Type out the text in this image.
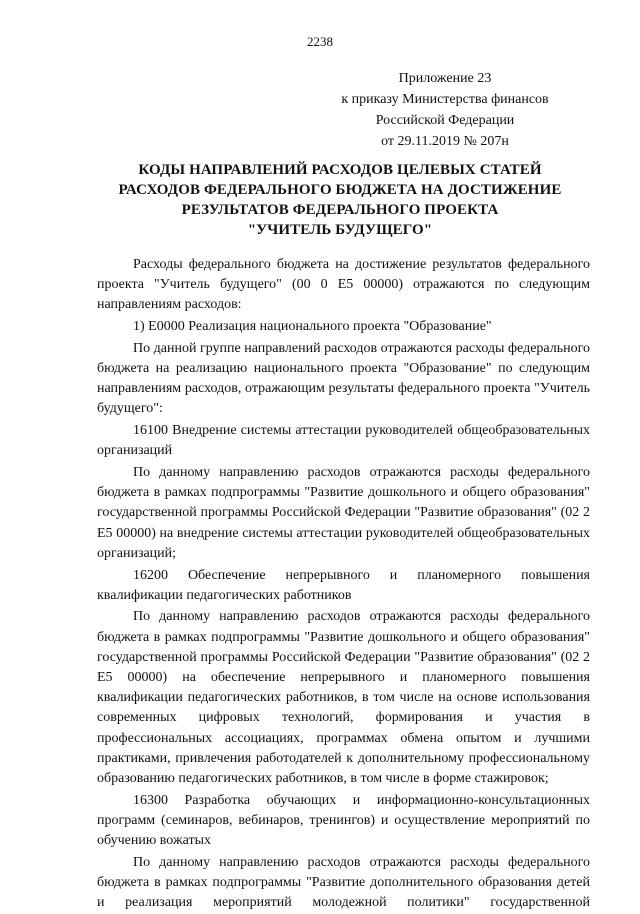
2238
Приложение 23
к приказу Министерства финансов
Российской Федерации
от 29.11.2019 № 207н
КОДЫ НАПРАВЛЕНИЙ РАСХОДОВ ЦЕЛЕВЫХ СТАТЕЙ
РАСХОДОВ ФЕДЕРАЛЬНОГО БЮДЖЕТА НА ДОСТИЖЕНИЕ
РЕЗУЛЬТАТОВ ФЕДЕРАЛЬНОГО ПРОЕКТА
"УЧИТЕЛЬ БУДУЩЕГО"

Расходы федерального бюджета на достижение результатов федерального проекта "Учитель будущего" (00 0 Е5 00000) отражаются по следующим направлениям расходов:

1) Е0000 Реализация национального проекта "Образование"

По данной группе направлений расходов отражаются расходы федерального бюджета на реализацию национального проекта "Образование" по следующим направлениям расходов, отражающим результаты федерального проекта "Учитель будущего":

16100 Внедрение системы аттестации руководителей общеобразовательных организаций

По данному направлению расходов отражаются расходы федерального бюджета в рамках подпрограммы "Развитие дошкольного и общего образования" государственной программы Российской Федерации "Развитие образования" (02 2 Е5 00000) на внедрение системы аттестации руководителей общеобразовательных организаций;

16200 Обеспечение непрерывного и планомерного повышения квалификации педагогических работников

По данному направлению расходов отражаются расходы федерального бюджета в рамках подпрограммы "Развитие дошкольного и общего образования" государственной программы Российской Федерации "Развитие образования" (02 2 Е5 00000) на обеспечение непрерывного и планомерного повышения квалификации педагогических работников, в том числе на основе использования современных цифровых технологий, формирования и участия в профессиональных ассоциациях, программах обмена опытом и лучшими практиками, привлечения работодателей к дополнительному профессиональному образованию педагогических работников, в том числе в форме стажировок;

16300 Разработка обучающих и информационно-консультационных программ (семинаров, вебинаров, тренингов) и осуществление мероприятий по обучению вожатых

По данному направлению расходов отражаются расходы федерального бюджета в рамках подпрограммы "Развитие дополнительного образования детей и реализация мероприятий молодежной политики" государственной
